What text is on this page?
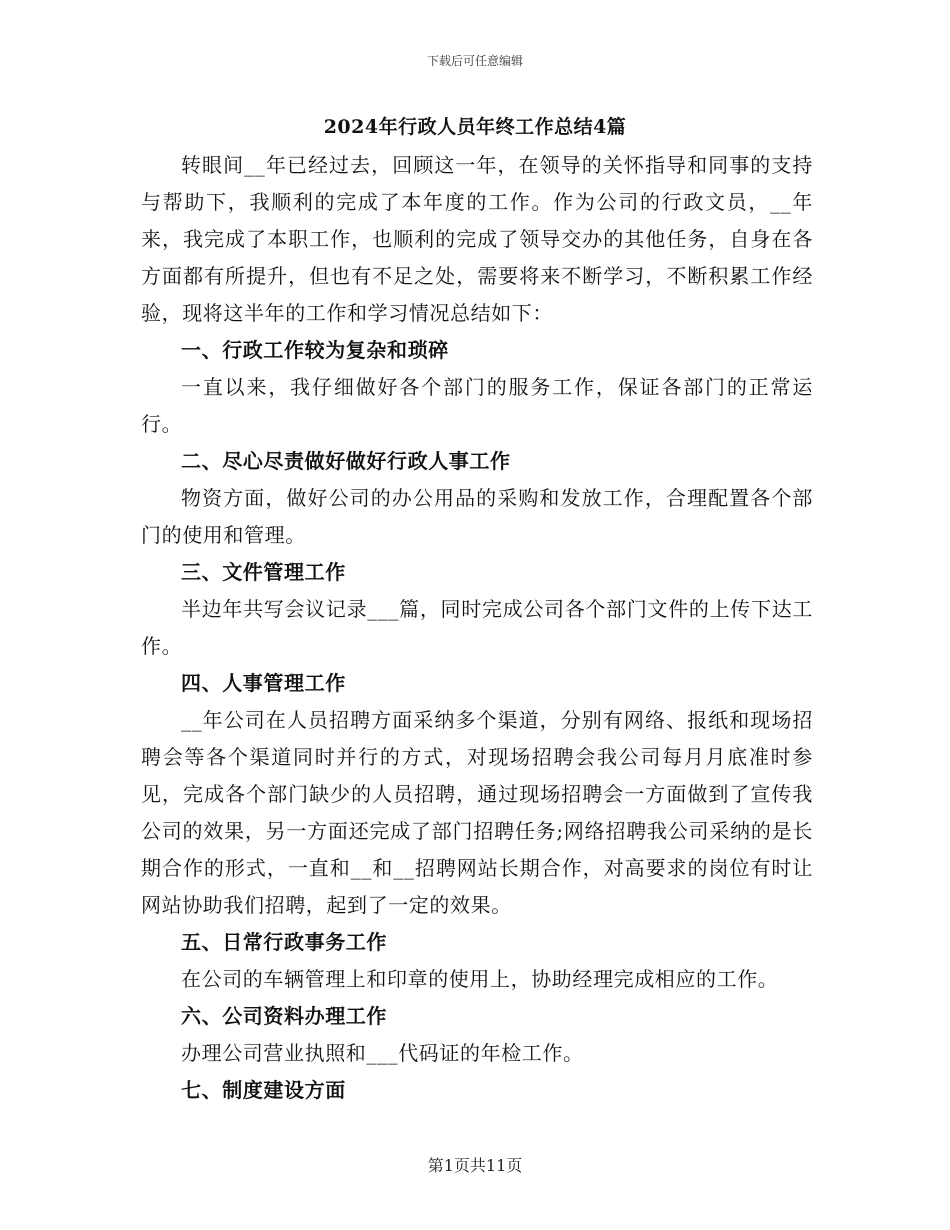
下载后可任意编辑
2024年行政人员年终工作总结4篇

转眼间__年已经过去，回顾这一年，在领导的关怀指导和同事的支持与帮助下，我顺利的完成了本年度的工作。作为公司的行政文员，__年来，我完成了本职工作，也顺利的完成了领导交办的其他任务，自身在各方面都有所提升，但也有不足之处，需要将来不断学习，不断积累工作经验，现将这半年的工作和学习情况总结如下：

一、行政工作较为复杂和琐碎

一直以来，我仔细做好各个部门的服务工作，保证各部门的正常运行。

二、尽心尽责做好做好行政人事工作

物资方面，做好公司的办公用品的采购和发放工作，合理配置各个部门的使用和管理。

三、文件管理工作

半边年共写会议记录___篇，同时完成公司各个部门文件的上传下达工作。

四、人事管理工作

__年公司在人员招聘方面采纳多个渠道，分别有网络、报纸和现场招聘会等各个渠道同时并行的方式，对现场招聘会我公司每月月底准时参见，完成各个部门缺少的人员招聘，通过现场招聘会一方面做到了宣传我公司的效果，另一方面还完成了部门招聘任务;网络招聘我公司采纳的是长期合作的形式，一直和__和__招聘网站长期合作，对高要求的岗位有时让网站协助我们招聘，起到了一定的效果。

五、日常行政事务工作

在公司的车辆管理上和印章的使用上，协助经理完成相应的工作。

六、公司资料办理工作

办理公司营业执照和___代码证的年检工作。

七、制度建设方面

第1页共11页
